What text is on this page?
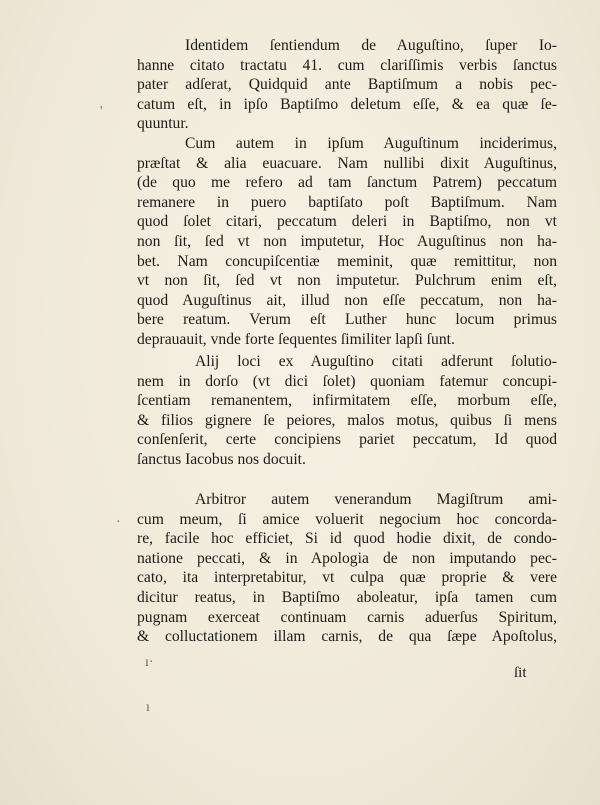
Identidem ſentiendum de Auguſtino, ſuper Io-
hanne citato tractatu 41. cum clariſſimis verbis ſanctus
pater adſerat, Quidquid ante Baptiſmum a nobis pec-
catum eſt, in ipſo Baptiſmo deletum eſſe, & ea quæ ſe-
quuntur.
Cum autem in ipſum Auguſtinum inciderimus,
præſtat & alia euacuare. Nam nullibi dixit Auguſtinus,
(de quo me refero ad tam ſanctum Patrem) peccatum
remanere in puero baptiſato poſt Baptiſmum. Nam
quod ſolet citari, peccatum deleri in Baptiſmo, non vt
non ſit, ſed vt non imputetur, Hoc Auguſtinus non ha-
bet. Nam concupiſcentiæ meminit, quæ remittitur, non
vt non ſit, ſed vt non imputetur. Pulchrum enim eſt,
quod Auguſtinus ait, illud non eſſe peccatum, non ha-
bere reatum. Verum eſt Luther hunc locum primus
deprauauit, vnde forte ſequentes ſimiliter lapſi ſunt.
Alij loci ex Auguſtino citati adferunt ſolutio-
nem in dorſo (vt dici ſolet) quoniam fatemur concupi-
ſcentiam remanentem, infirmitatem eſſe, morbum eſſe,
& filios gignere ſe peiores, malos motus, quibus ſi mens
conſenſerit, certe concipiens pariet peccatum, Id quod
ſanctus Iacobus nos docuit.
Arbitror autem venerandum Magiſtrum ami-
cum meum, ſi amice voluerit negocium hoc concorda-
re, facile hoc efficiet, Si id quod hodie dixit, de condo-
natione peccati, & in Apologia de non imputando pec-
cato, ita interpretabitur, vt culpa quæ proprie & vere
dicitur reatus, in Baptiſmo aboleatur, ipſa tamen cum
pugnam exerceat continuam carnis aduerſus Spiritum,
& colluctationem illam carnis, de qua ſæpe Apoſtolus,
ſit
'
·
ı·
ı
